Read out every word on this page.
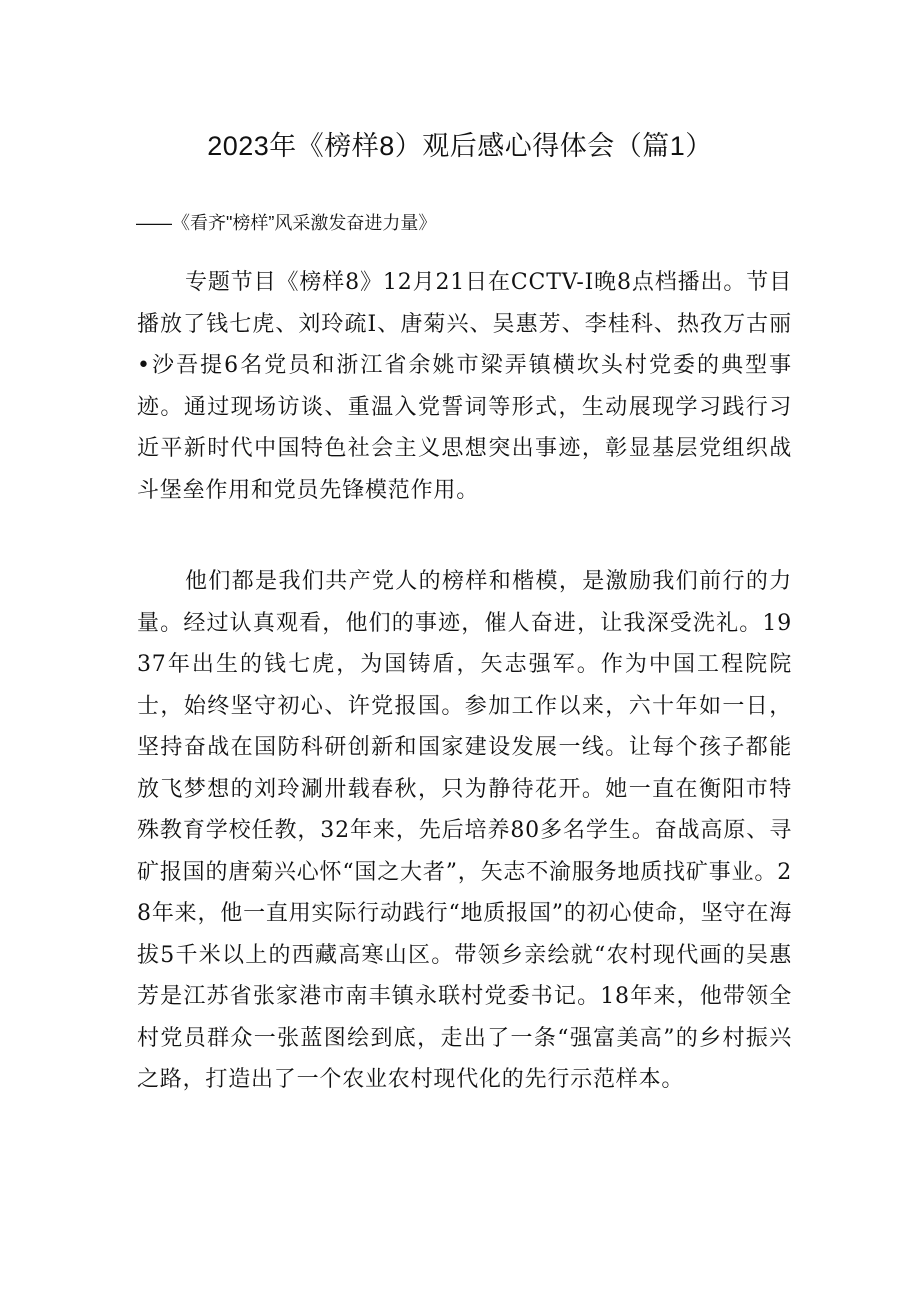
2023年《榜样8）观后感心得体会（篇1）
——《看齐"榜样”风采激发奋进力量》

专题节目《榜样8》12月21日在CCTV-I晚8点档播出。节目播放了钱七虎、刘玲疏I、唐菊兴、吴惠芳、李桂科、热孜万古丽•沙吾提6名党员和浙江省余姚市梁弄镇横坎头村党委的典型事迹。通过现场访谈、重温入党誓词等形式，生动展现学习践行习近平新时代中国特色社会主义思想突出事迹，彰显基层党组织战斗堡垒作用和党员先锋模范作用。

他们都是我们共产党人的榜样和楷模，是激励我们前行的力量。经过认真观看，他们的事迹，催人奋进，让我深受洗礼。1937年出生的钱七虎，为国铸盾，矢志强军。作为中国工程院院士，始终坚守初心、许党报国。参加工作以来，六十年如一日，坚持奋战在国防科研创新和国家建设发展一线。让每个孩子都能放飞梦想的刘玲涮卅载春秋，只为静待花开。她一直在衡阳市特殊教育学校任教，32年来，先后培养80多名学生。奋战高原、寻矿报国的唐菊兴心怀“国之大者”，矢志不渝服务地质找矿事业。28年来，他一直用实际行动践行“地质报国”的初心使命，坚守在海拔5千米以上的西藏高寒山区。带领乡亲绘就“农村现代画的吴惠芳是江苏省张家港市南丰镇永联村党委书记。18年来，他带领全村党员群众一张蓝图绘到底，走出了一条“强富美高”的乡村振兴之路，打造出了一个农业农村现代化的先行示范样本。
